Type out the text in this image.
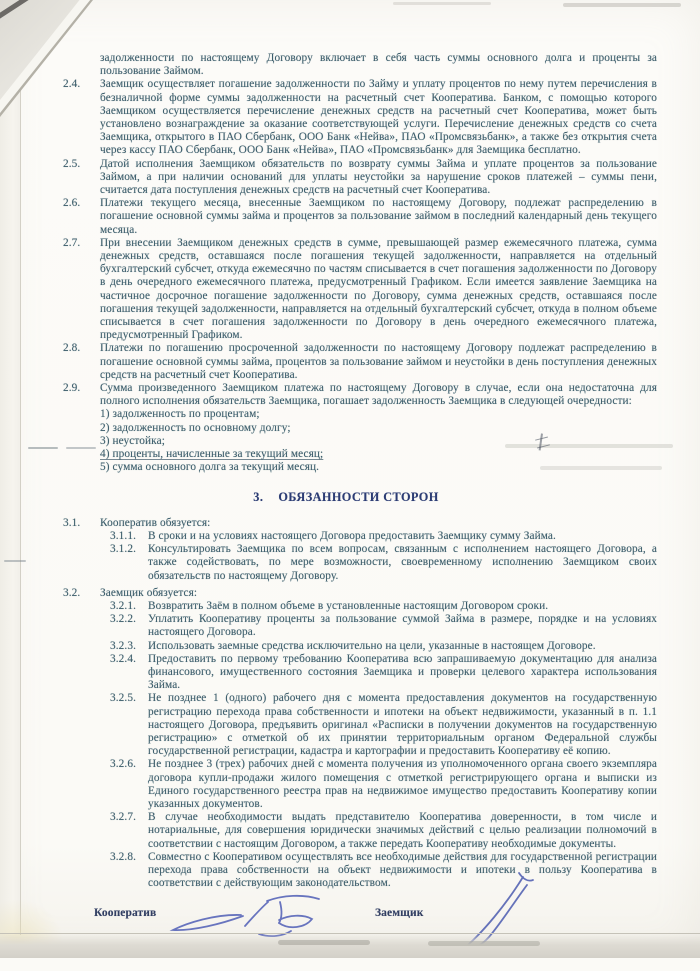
задолженности по настоящему Договору включает в себя часть суммы основного долга и проценты за пользование Займом.

2.4.	Заемщик осуществляет погашение задолженности по Займу и уплату процентов по нему путем перечисления в безналичной форме суммы задолженности на расчетный счет Кооператива. Банком, с помощью которого Заемщиком осуществляется перечисление денежных средств на расчетный счет Кооператива, может быть установлено вознаграждение за оказание соответствующей услуги. Перечисление денежных средств со счета Заемщика, открытого в ПАО Сбербанк, ООО Банк «Нейва», ПАО «Промсвязьбанк», а также без открытия счета через кассу ПАО Сбербанк, ООО Банк «Нейва», ПАО «Промсвязьбанк» для Заемщика бесплатно.
2.5.	Датой исполнения Заемщиком обязательств по возврату суммы Займа и уплате процентов за пользование Займом, а при наличии оснований для уплаты неустойки за нарушение сроков платежей – суммы пени, считается дата поступления денежных средств на расчетный счет Кооператива.
2.6.	Платежи текущего месяца, внесенные Заемщиком по настоящему Договору, подлежат распределению в погашение основной суммы займа и процентов за пользование займом в последний календарный день текущего месяца.
2.7.	При внесении Заемщиком денежных средств в сумме, превышающей размер ежемесячного платежа, сумма денежных средств, оставшаяся после погашения текущей задолженности, направляется на отдельный бухгалтерский субсчет, откуда ежемесячно по частям списывается в счет погашения задолженности по Договору в день очередного ежемесячного платежа, предусмотренный Графиком. Если имеется заявление Заемщика на частичное досрочное погашение задолженности по Договору, сумма денежных средств, оставшаяся после погашения текущей задолженности, направляется на отдельный бухгалтерский субсчет, откуда в полном объеме списывается в счет погашения задолженности по Договору в день очередного ежемесячного платежа, предусмотренный Графиком.
2.8.	Платежи по погашению просроченной задолженности по настоящему Договору подлежат распределению в погашение основной суммы займа, процентов за пользование займом и неустойки в день поступления денежных средств на расчетный счет Кооператива.
2.9.	Сумма произведенного Заемщиком платежа по настоящему Договору в случае, если она недостаточна для полного исполнения обязательств Заемщика, погашает задолженность Заемщика в следующей очередности:
1) задолженность по процентам;
2) задолженность по основному долгу;
3) неустойка;
4) проценты, начисленные за текущий месяц;
5) сумма основного долга за текущий месяц.
3. ОБЯЗАННОСТИ СТОРОН
3.1.	Кооператив обязуется:
3.1.1.	В сроки и на условиях настоящего Договора предоставить Заемщику сумму Займа.
3.1.2.	Консультировать Заемщика по всем вопросам, связанным с исполнением настоящего Договора, а также содействовать, по мере возможности, своевременному исполнению Заемщиком своих обязательств по настоящему Договору.
3.2.	Заемщик обязуется:
3.2.1.	Возвратить Заём в полном объеме в установленные настоящим Договором сроки.
3.2.2.	Уплатить Кооперативу проценты за пользование суммой Займа в размере, порядке и на условиях настоящего Договора.
3.2.3.	Использовать заемные средства исключительно на цели, указанные в настоящем Договоре.
3.2.4.	Предоставить по первому требованию Кооператива всю запрашиваемую документацию для анализа финансового, имущественного состояния Заемщика и проверки целевого характера использования Займа.
3.2.5.	Не позднее 1 (одного) рабочего дня с момента предоставления документов на государственную регистрацию перехода права собственности и ипотеки на объект недвижимости, указанный в п. 1.1 настоящего Договора, предъявить оригинал «Расписки в получении документов на государственную регистрацию» с отметкой об их принятии территориальным органом Федеральной службы государственной регистрации, кадастра и картографии и предоставить Кооперативу её копию.
3.2.6.	Не позднее 3 (трех) рабочих дней с момента получения из уполномоченного органа своего экземпляра договора купли-продажи жилого помещения с отметкой регистрирующего органа и выписки из Единого государственного реестра прав на недвижимое имущество предоставить Кооперативу копии указанных документов.
3.2.7.	В случае необходимости выдать представителю Кооператива доверенности, в том числе и нотариальные, для совершения юридически значимых действий с целью реализации полномочий в соответствии с настоящим Договором, а также передать Кооперативу необходимые документы.
3.2.8.	Совместно с Кооперативом осуществлять все необходимые действия для государственной регистрации перехода права собственности на объект недвижимости и ипотеки в пользу Кооператива в соответствии с действующим законодательством.
Кооператив	Заемщик
